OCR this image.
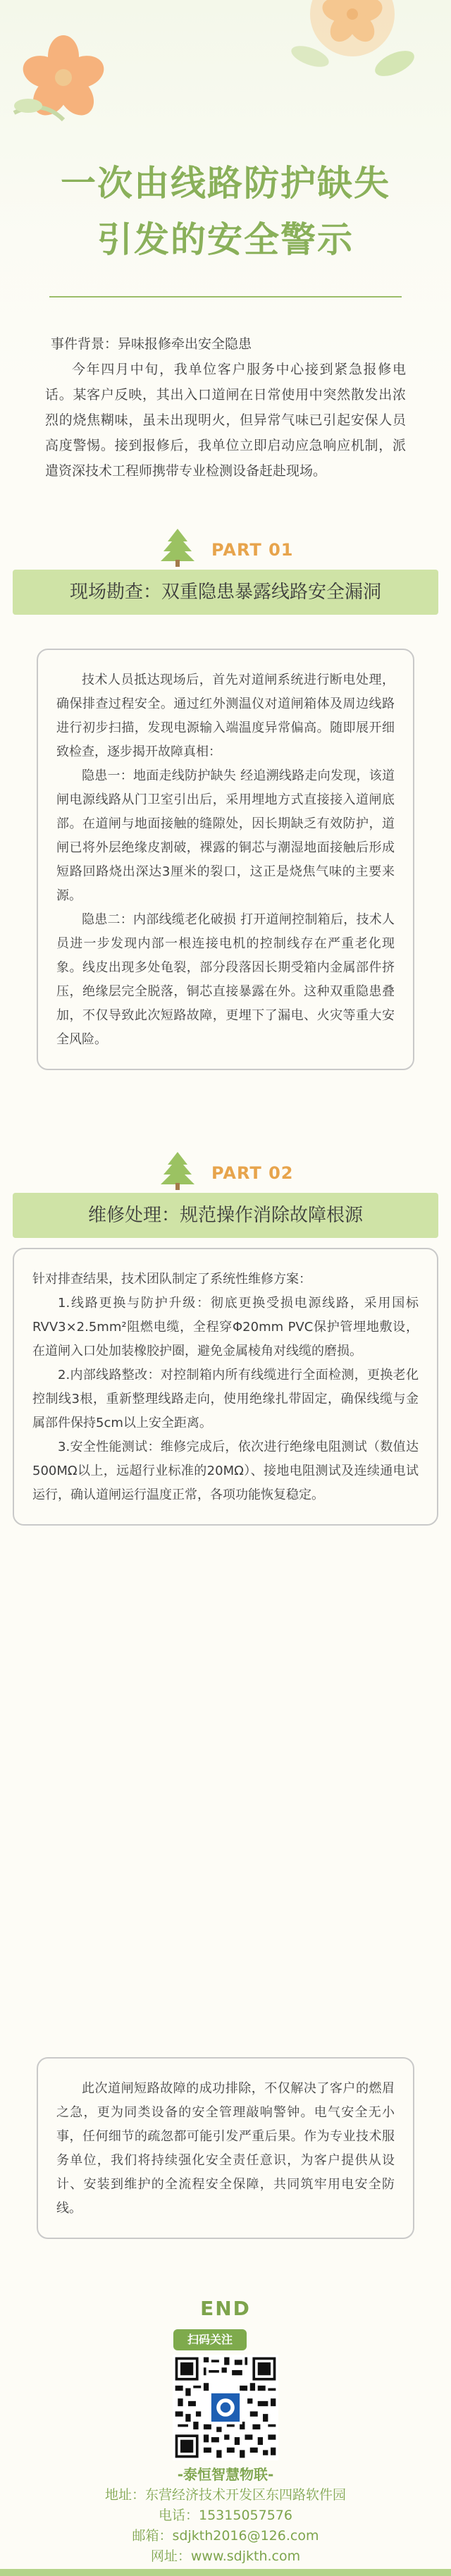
一次由线路防护缺失
引发的安全警示
事件背景：异味报修牵出安全隐患
今年四月中旬，我单位客户服务中心接到紧急报修电话。某客户反映，其出入口道闸在日常使用中突然散发出浓烈的烧焦糊味，虽未出现明火，但异常气味已引起安保人员高度警惕。接到报修后，我单位立即启动应急响应机制，派遣资深技术工程师携带专业检测设备赶赴现场。
PART 01
现场勘查：双重隐患暴露线路安全漏洞

技术人员抵达现场后，首先对道闸系统进行断电处理，确保排查过程安全。通过红外测温仪对道闸箱体及周边线路进行初步扫描，发现电源输入端温度异常偏高。随即展开细致检查，逐步揭开故障真相：

隐患一：地面走线防护缺失 经追溯线路走向发现，该道闸电源线路从门卫室引出后，采用埋地方式直接接入道闸底部。在道闸与地面接触的缝隙处，因长期缺乏有效防护，道闸已将外层绝缘皮割破，裸露的铜芯与潮湿地面接触后形成短路回路烧出深达3厘米的裂口，这正是烧焦气味的主要来源。

隐患二：内部线缆老化破损 打开道闸控制箱后，技术人员进一步发现内部一根连接电机的控制线存在严重老化现象。线皮出现多处龟裂，部分段落因长期受箱内金属部件挤压，绝缘层完全脱落，铜芯直接暴露在外。这种双重隐患叠加，不仅导致此次短路故障，更埋下了漏电、火灾等重大安全风险。

PART 02
维修处理：规范操作消除故障根源

针对排查结果，技术团队制定了系统性维修方案：

1.线路更换与防护升级：彻底更换受损电源线路，采用国标RVV3×2.5mm²阻燃电缆，全程穿Φ20mm PVC保护管埋地敷设，在道闸入口处加装橡胶护圈，避免金属棱角对线缆的磨损。

2.内部线路整改：对控制箱内所有线缆进行全面检测，更换老化控制线3根，重新整理线路走向，使用绝缘扎带固定，确保线缆与金属部件保持5cm以上安全距离。

3.安全性能测试：维修完成后，依次进行绝缘电阻测试（数值达500MΩ以上，远超行业标准的20MΩ）、接地电阻测试及连续通电试运行，确认道闸运行温度正常，各项功能恢复稳定。

此次道闸短路故障的成功排除，不仅解决了客户的燃眉之急，更为同类设备的安全管理敲响警钟。电气安全无小事，任何细节的疏忽都可能引发严重后果。作为专业技术服务单位，我们将持续强化安全责任意识，为客户提供从设计、安装到维护的全流程安全保障，共同筑牢用电安全防线。

END
扫码关注
-泰恒智慧物联-
地址：东营经济技术开发区东四路软件园
电话：15315057576
邮箱：sdjkth2016@126.com
网址：www.sdjkth.com
